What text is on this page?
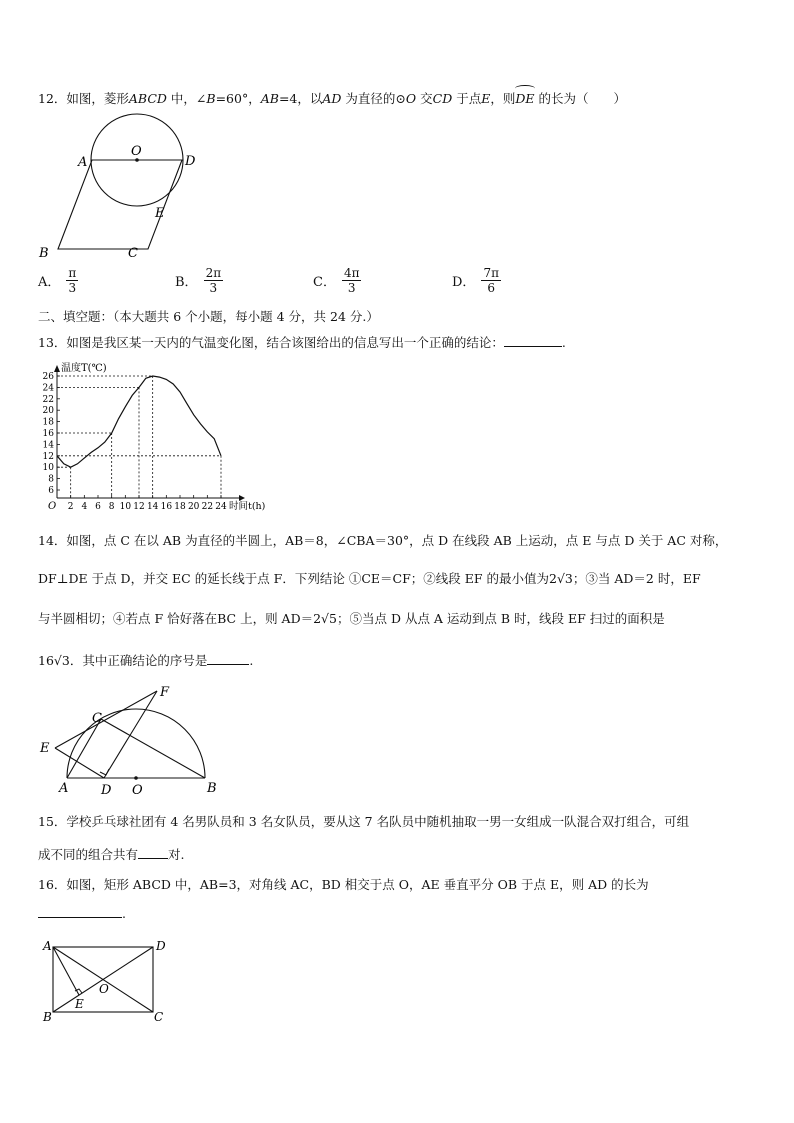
12．如图，菱形ABCD 中，∠B=60°，AB=4，以AD 为直径的⊙O 交CD 于点E，则
DE 的长为（　　）
A
O
D
E
B	C
A． $\frac{\pi}{3}$	B． $\frac{2\pi}{3}$	C． $\frac{4\pi}{3}$	D． $\frac{7\pi}{6}$
二、填空题：（本大题共 6 个小题，每小题 4 分，共 24 分.）
13．如图是我区某一天内的气温变化图，结合该图给出的信息写出一个正确的结论：	.
6
8
10
12
14
16
18
20
22
24
26
2 4 6 8 10 12 14 16 18 20 22 24
温度T(℃)
时间t(h)
O
14．如图，点 C 在以 AB 为直径的半圆上，AB＝8，∠CBA＝30°，点 D 在线段 AB 上运动，点 E 与点 D 关于 AC 对称，
DF⊥DE 于点 D，并交 EC 的延长线于点 F．下列结论 ①CE＝CF；②线段 EF 的最小值为2√3；③当 AD＝2 时，EF
与半圆相切；④若点 F 恰好落在BC 上，则 AD＝2√5；⑤当点 D 从点 A 运动到点 B 时，线段 EF 扫过的面积是
16√3．其中正确结论的序号是	.
F
C
E
A	D O	B
15．学校乒乓球社团有 4 名男队员和 3 名女队员，要从这 7 名队员中随机抽取一男一女组成一队混合双打组合，可组
成不同的组合共有 对.
16．如图，矩形 ABCD 中，AB=3，对角线 AC，BD 相交于点 O，AE 垂直平分 OB 于点 E，则 AD 的长为
.
A	D
B	C
O
E
